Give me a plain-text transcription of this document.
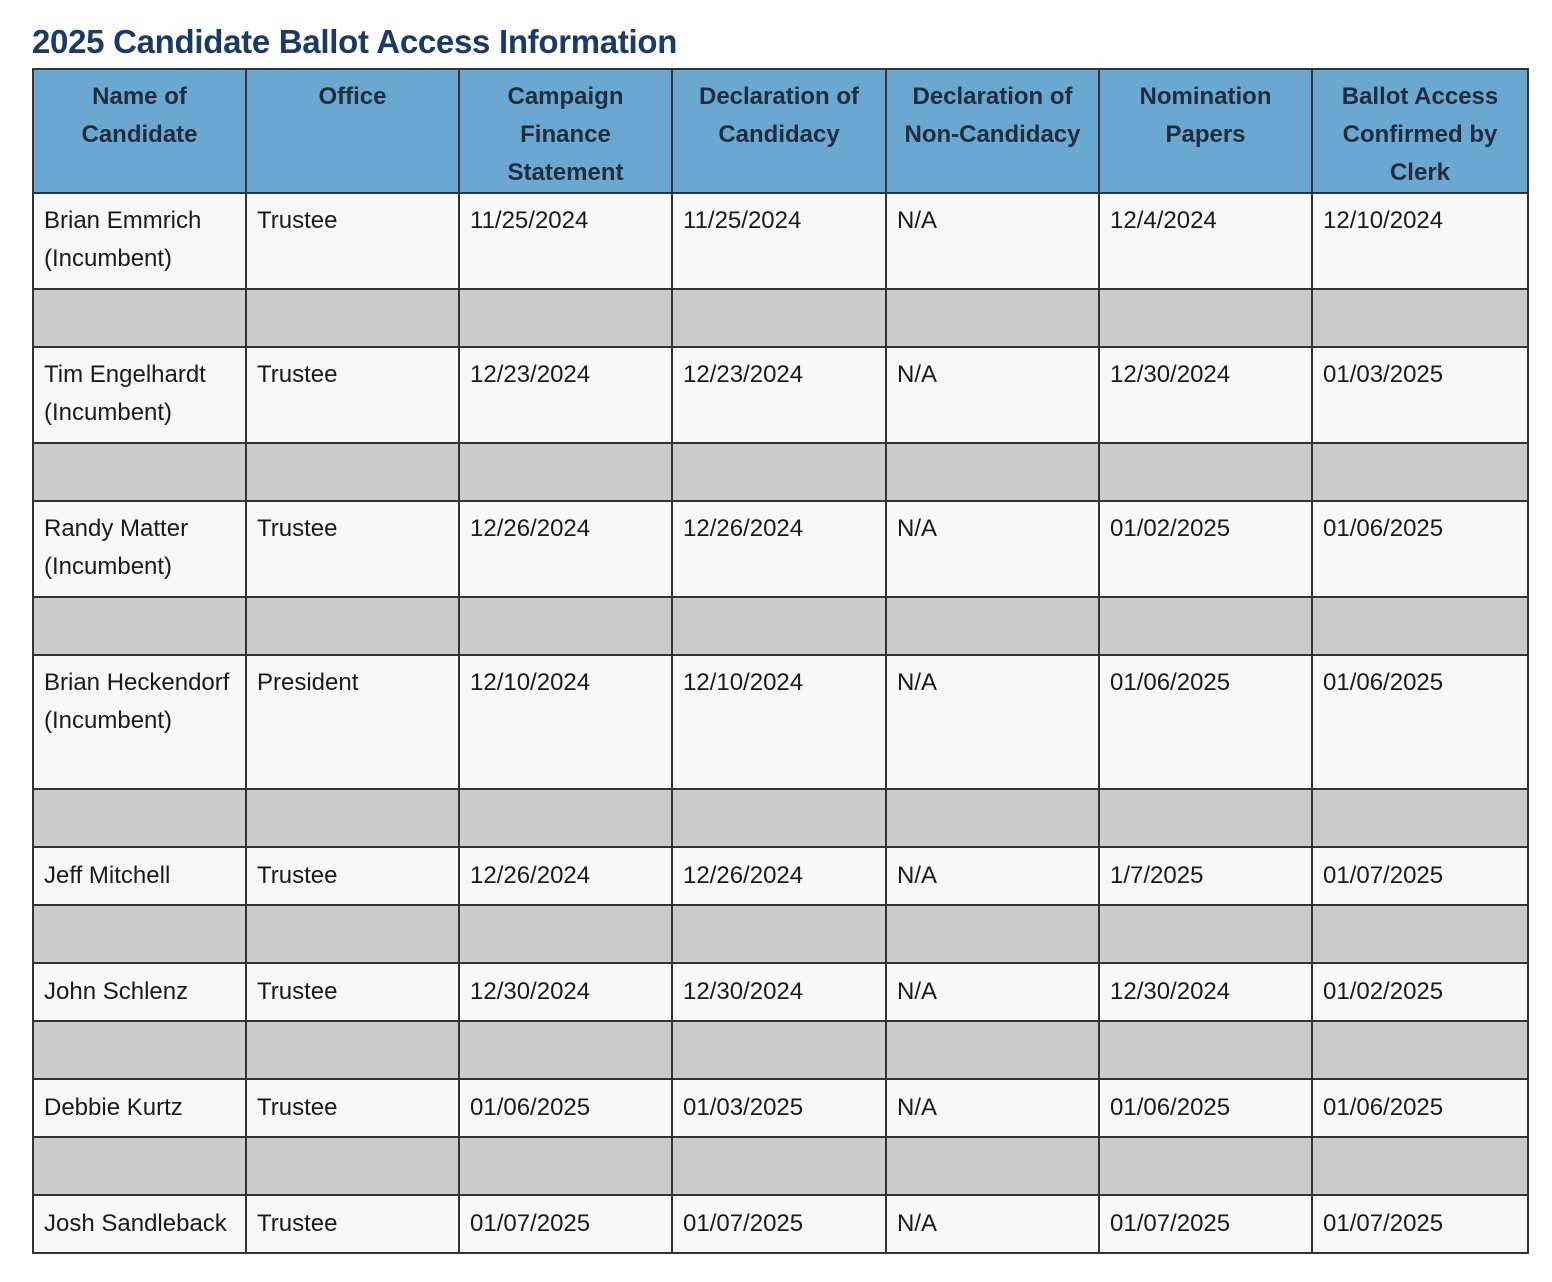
2025 Candidate Ballot Access Information
Name of Candidate	Office	Campaign Finance Statement	Declaration of Candidacy	Declaration of Non-Candidacy	Nomination Papers	Ballot Access Confirmed by Clerk
Brian Emmrich (Incumbent)	Trustee	11/25/2024	11/25/2024	N/A	12/4/2024	12/10/2024

Tim Engelhardt (Incumbent)	Trustee	12/23/2024	12/23/2024	N/A	12/30/2024	01/03/2025

Randy Matter (Incumbent)	Trustee	12/26/2024	12/26/2024	N/A	01/02/2025	01/06/2025

Brian Heckendorf (Incumbent)	President	12/10/2024	12/10/2024	N/A	01/06/2025	01/06/2025

Jeff Mitchell	Trustee	12/26/2024	12/26/2024	N/A	1/7/2025	01/07/2025

John Schlenz	Trustee	12/30/2024	12/30/2024	N/A	12/30/2024	01/02/2025

Debbie Kurtz	Trustee	01/06/2025	01/03/2025	N/A	01/06/2025	01/06/2025

Josh Sandleback	Trustee	01/07/2025	01/07/2025	N/A	01/07/2025	01/07/2025
